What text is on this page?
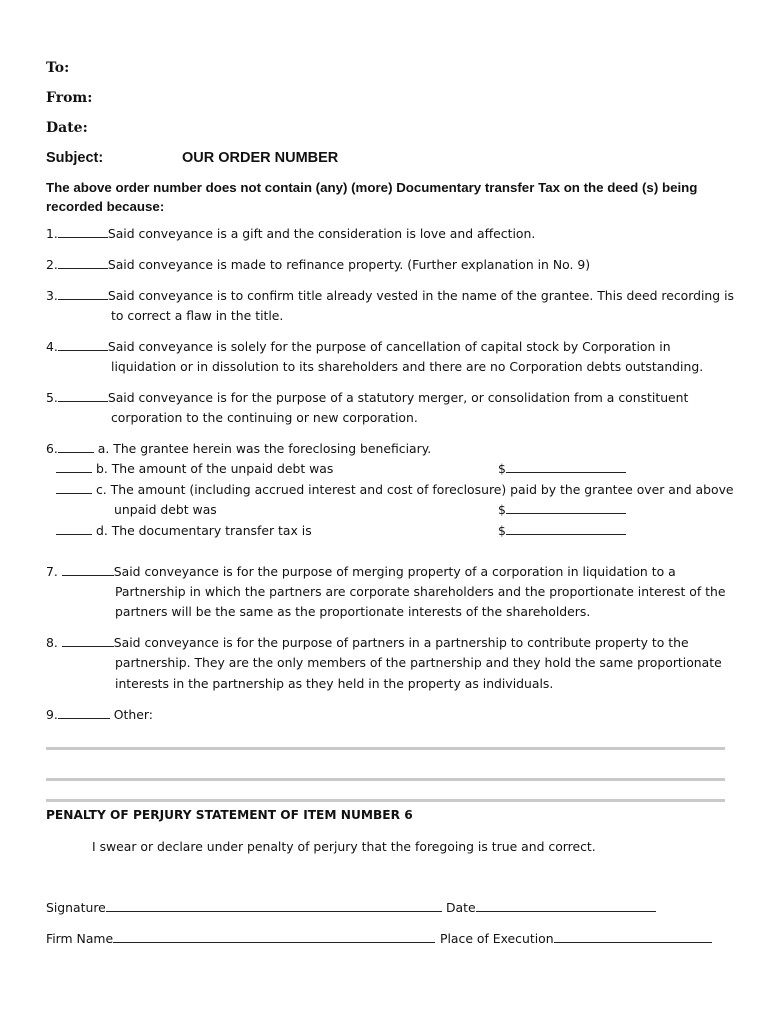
To:
From:
Date:
Subject:	OUR ORDER NUMBER
The above order number does not contain (any) (more) Documentary transfer Tax on the deed (s) being recorded because:
1.	Said conveyance is a gift and the consideration is love and affection.
2.	Said conveyance is made to refinance property. (Further explanation in No. 9)
3.	Said conveyance is to confirm title already vested in the name of the grantee. This deed recording is
to correct a flaw in the title.
4.	Said conveyance is solely for the purpose of cancellation of capital stock by Corporation in
liquidation or in dissolution to its shareholders and there are no Corporation debts outstanding.
5.	Said conveyance is for the purpose of a statutory merger, or consolidation from a constituent
corporation to the continuing or new corporation.
6.	a. The grantee herein was the foreclosing beneficiary.
b. The amount of the unpaid debt was	$
c. The amount (including accrued interest and cost of foreclosure) paid by the grantee over and above
unpaid debt was	$
d. The documentary transfer tax is	$
7.	Said conveyance is for the purpose of merging property of a corporation in liquidation to a
Partnership in which the partners are corporate shareholders and the proportionate interest of the
partners will be the same as the proportionate interests of the shareholders.
8.	Said conveyance is for the purpose of partners in a partnership to contribute property to the
partnership. They are the only members of the partnership and they hold the same proportionate
interests in the partnership as they held in the property as individuals.
9.	Other:
PENALTY OF PERJURY STATEMENT OF ITEM NUMBER 6
I swear or declare under penalty of perjury that the foregoing is true and correct.
Signature	Date
Firm Name	Place of Execution
